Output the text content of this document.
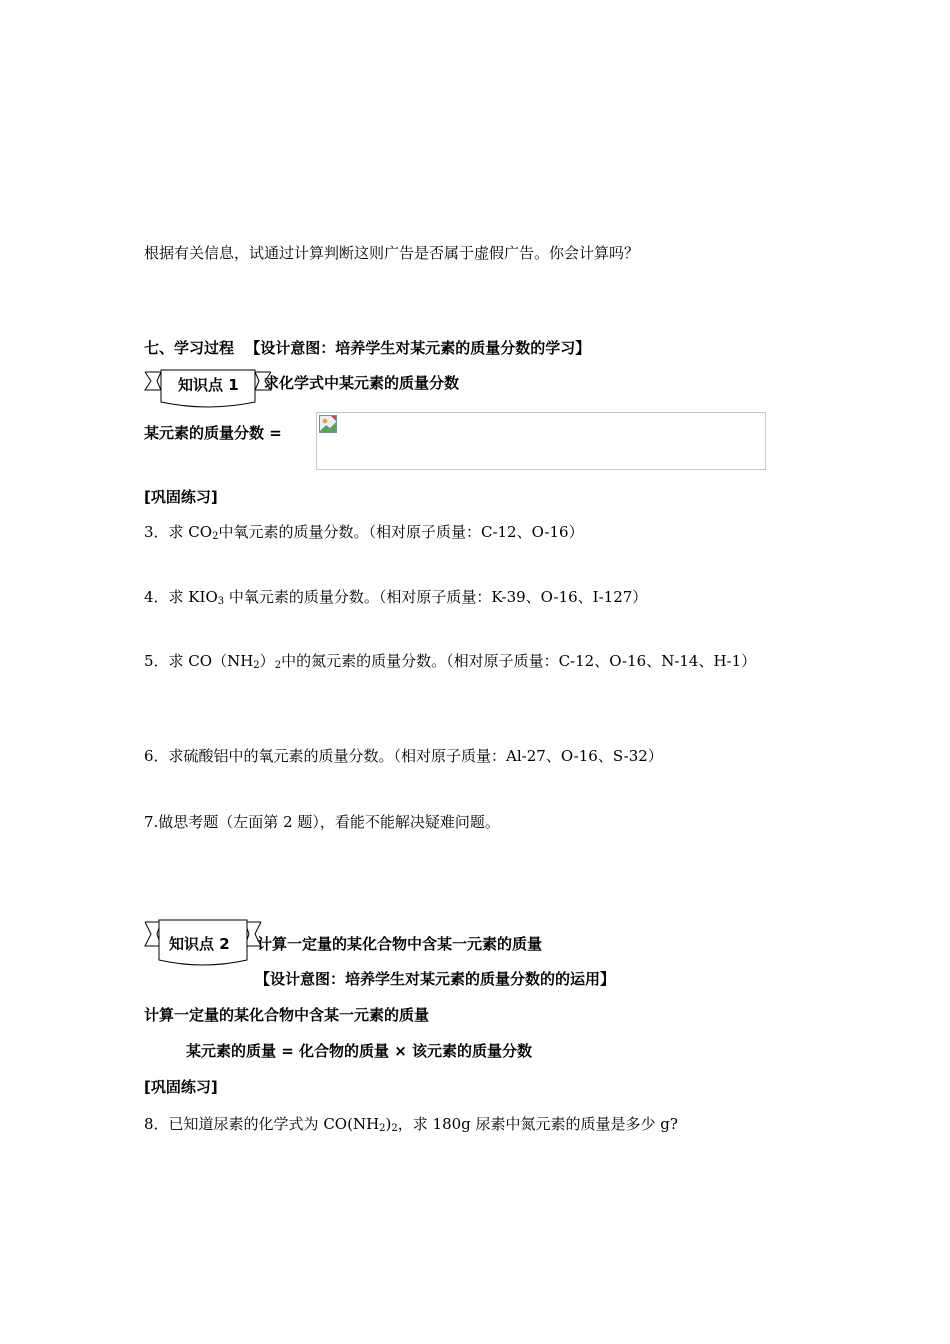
根据有关信息，试通过计算判断这则广告是否属于虚假广告。你会计算吗？
七、学习过程 【设计意图：培养学生对某元素的质量分数的学习】
知识点 1 求化学式中某元素的质量分数
某元素的质量分数 =
[巩固练习]
3．求 $CO_2$中氧元素的质量分数。（相对原子质量：C-12、O-16）
4．求 $KIO_3$ 中氧元素的质量分数。（相对原子质量：K-39、O-16、I-127）
5．求 $CO(NH_2)_2$中的氮元素的质量分数。（相对原子质量：C-12、O-16、N-14、H-1）
6．求硫酸铝中的氧元素的质量分数。（相对原子质量：Al-27、O-16、S-32）
7.做思考题（左面第 2 题），看能不能解决疑难问题。
知识点 2 计算一定量的某化合物中含某一元素的质量
【设计意图：培养学生对某元素的质量分数的的运用】
计算一定量的某化合物中含某一元素的质量
某元素的质量 = 化合物的质量 × 该元素的质量分数
[巩固练习]
8．已知道尿素的化学式为 $CO(NH_2)_2$，求 180g 尿素中氮元素的质量是多少 g?
